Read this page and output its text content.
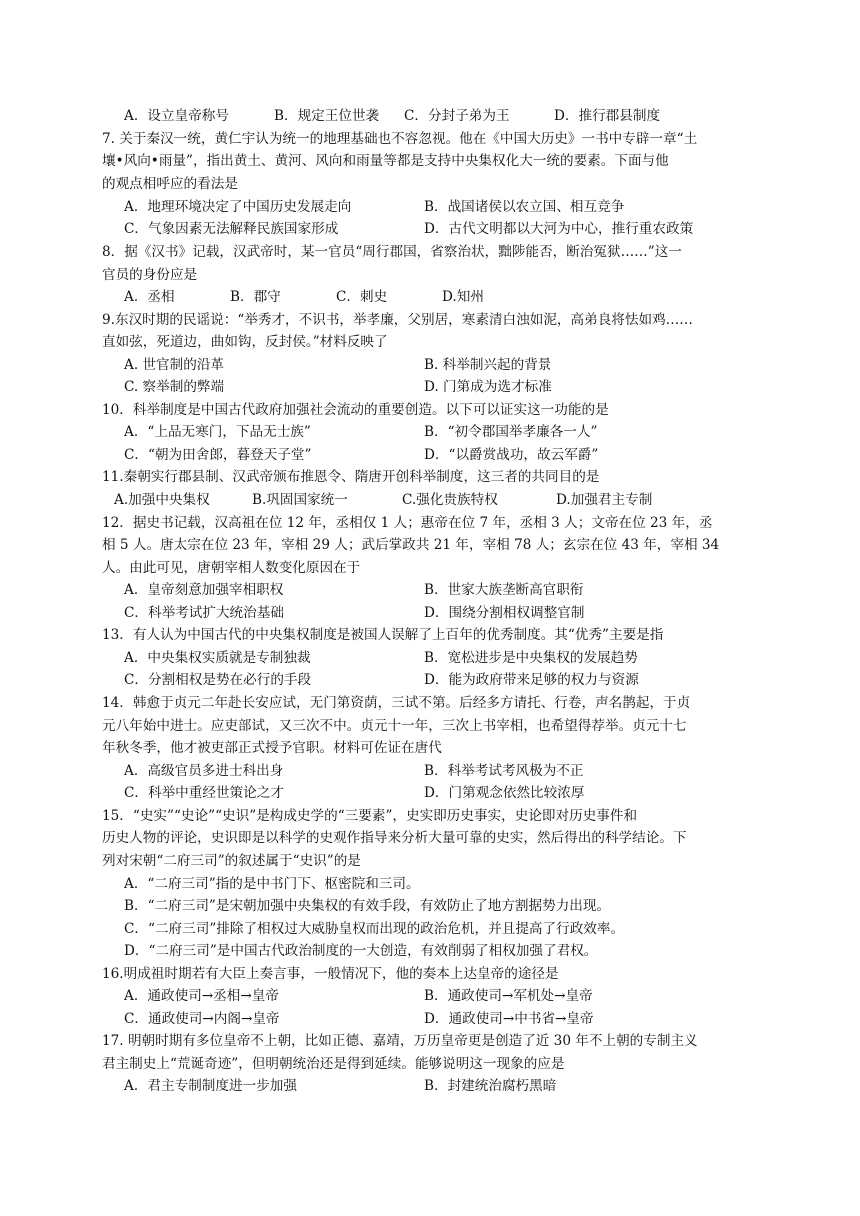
A．设立皇帝称号	B．规定王位世袭 C．分封子弟为王	D．推行郡县制度
7. 关于秦汉一统，黄仁宇认为统一的地理基础也不容忽视。他在《中国大历史》一书中专辟一章“土
壤•风向•雨量”，指出黄土、黄河、风向和雨量等都是支持中央集权化大一统的要素。下面与他
的观点相呼应的看法是
A．地理环境决定了中国历史发展走向	B．战国诸侯以农立国、相互竞争
C．气象因素无法解释民族国家形成	D．古代文明都以大河为中心，推行重农政策
8．据《汉书》记载，汉武帝时，某一官员“周行郡国，省察治状，黜陟能否，断治冤狱……”这一
官员的身份应是
A．丞相	B．郡守	C．刺史	D.知州
9.东汉时期的民谣说：“举秀才，不识书，举孝廉，父别居，寒素清白浊如泥，高弟良将怯如鸡……
直如弦，死道边，曲如钩，反封侯。”材料反映了
A. 世官制的沿革	B. 科举制兴起的背景
C. 察举制的弊端	D. 门第成为选才标准
10．科举制度是中国古代政府加强社会流动的重要创造。以下可以证实这一功能的是
A．“上品无寒门，下品无士族”	B．“初令郡国举孝廉各一人”
C．“朝为田舍郎，暮登天子堂”	D．“以爵赏战功，故云军爵”
11.秦朝实行郡县制、汉武帝颁布推恩令、隋唐开创科举制度，这三者的共同目的是
A.加强中央集权	B.巩固国家统一	C.强化贵族特权	D.加强君主专制
12．据史书记载，汉高祖在位 12 年，丞相仅 1 人；惠帝在位 7 年，丞相 3 人；文帝在位 23 年，丞
相 5 人。唐太宗在位 23 年，宰相 29 人；武后掌政共 21 年，宰相 78 人；玄宗在位 43 年，宰相 34
人。由此可见，唐朝宰相人数变化原因在于
A．皇帝刻意加强宰相职权	B．世家大族垄断高官职衔
C．科举考试扩大统治基础	D．围绕分割相权调整官制
13．有人认为中国古代的中央集权制度是被国人误解了上百年的优秀制度。其“优秀”主要是指
A．中央集权实质就是专制独裁	B．宽松进步是中央集权的发展趋势
C．分割相权是势在必行的手段	D．能为政府带来足够的权力与资源
14．韩愈于贞元二年赴长安应试，无门第资荫，三试不第。后经多方请托、行卷，声名鹊起，于贞
元八年始中进士。应吏部试，又三次不中。贞元十一年，三次上书宰相，也希望得荐举。贞元十七
年秋冬季，他才被吏部正式授予官职。材料可佐证在唐代
A．高级官员多进士科出身	B．科举考试考风极为不正
C．科举中重经世策论之才	D．门第观念依然比较浓厚
15．“史实”“史论”“史识”是构成史学的“三要素”，史实即历史事实，史论即对历史事件和
历史人物的评论，史识即是以科学的史观作指导来分析大量可靠的史实，然后得出的科学结论。下
列对宋朝“二府三司”的叙述属于“史识”的是
A．“二府三司”指的是中书门下、枢密院和三司。
B．“二府三司”是宋朝加强中央集权的有效手段，有效防止了地方割据势力出现。
C．“二府三司”排除了相权过大威胁皇权而出现的政治危机，并且提高了行政效率。
D．“二府三司”是中国古代政治制度的一大创造，有效削弱了相权加强了君权。
16.明成祖时期若有大臣上奏言事，一般情况下，他的奏本上达皇帝的途径是
A．通政使司→丞相→皇帝	B．通政使司→军机处→皇帝
C．通政使司→内阁→皇帝	D．通政使司→中书省→皇帝
17. 明朝时期有多位皇帝不上朝，比如正德、嘉靖，万历皇帝更是创造了近 30 年不上朝的专制主义
君主制史上“荒诞奇迹”，但明朝统治还是得到延续。能够说明这一现象的应是
A．君主专制制度进一步加强	B．封建统治腐朽黑暗
